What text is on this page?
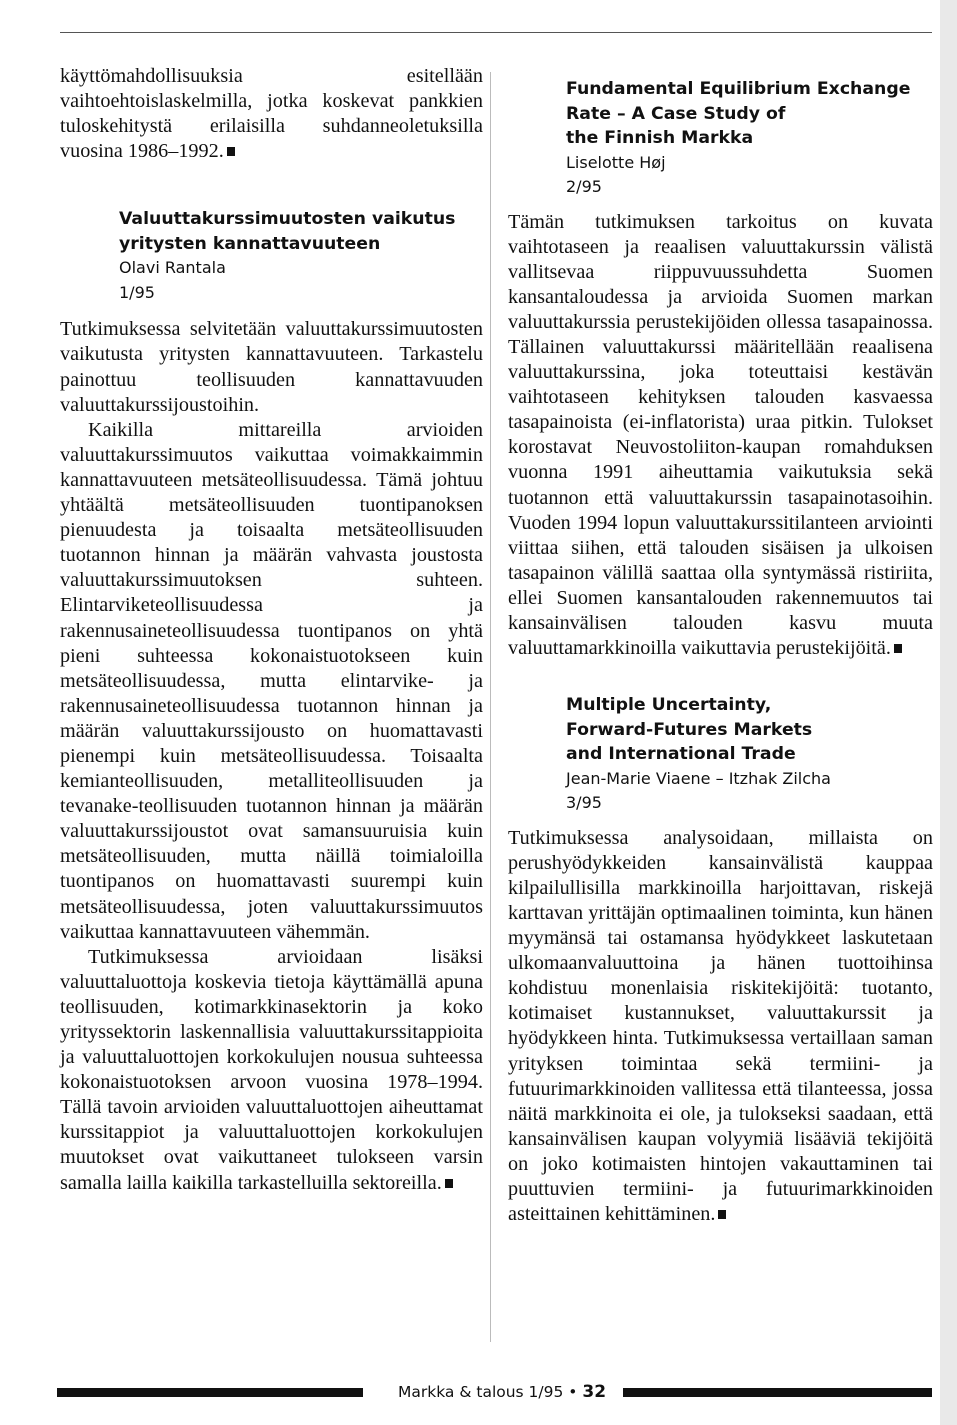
käyttömahdollisuuksia esitellään vaihtoehtoislaskelmilla, jotka koskevat pankkien tuloskehitystä erilaisilla suhdanneoletuksilla vuosina 1986–1992.

Valuuttakurssimuutosten vaikutus yritysten kannattavuuteen

Olavi Rantala

1/95

Tutkimuksessa selvitetään valuuttakurssimuutosten vaikutusta yritysten kannattavuuteen. Tarkastelu painottuu teollisuuden kannattavuuden valuuttakurssijoustoihin.

Kaikilla mittareilla arvioiden valuuttakurssimuutos vaikuttaa voimakkaimmin kannattavuuteen metsäteollisuudessa. Tämä johtuu yhtäältä metsäteollisuuden tuontipanoksen pienuudesta ja toisaalta metsäteollisuuden tuotannon hinnan ja määrän vahvasta joustosta valuuttakurssimuutoksen suhteen. Elintarviketeollisuudessa ja rakennusaineteollisuudessa tuontipanos on yhtä pieni suhteessa kokonaistuotokseen kuin metsäteollisuudessa, mutta elintarvike- ja rakennusaineteollisuudessa tuotannon hinnan ja määrän valuuttakurssijousto on huomattavasti pienempi kuin metsäteollisuudessa. Toisaalta kemianteollisuuden, metalliteollisuuden ja tevanake-teollisuuden tuotannon hinnan ja määrän valuuttakurssijoustot ovat samansuuruisia kuin metsäteollisuuden, mutta näillä toimialoilla tuontipanos on huomattavasti suurempi kuin metsäteollisuudessa, joten valuuttakurssimuutos vaikuttaa kannattavuuteen vähemmän.

Tutkimuksessa arvioidaan lisäksi valuuttaluottoja koskevia tietoja käyttämällä apuna teollisuuden, kotimarkkinasektorin ja koko yrityssektorin laskennallisia valuuttakurssitappioita ja valuuttaluottojen korkokulujen nousua suhteessa kokonaistuotoksen arvoon vuosina 1978–1994. Tällä tavoin arvioiden valuuttaluottojen aiheuttamat kurssitappiot ja valuuttaluottojen korkokulujen muutokset ovat vaikuttaneet tulokseen varsin samalla lailla kaikilla tarkastelluilla sektoreilla.

Fundamental Equilibrium Exchange

Rate – A Case Study of

the Finnish Markka

Liselotte Høj

2/95

Tämän tutkimuksen tarkoitus on kuvata vaihtotaseen ja reaalisen valuuttakurssin välistä vallitsevaa riippuvuussuhdetta Suomen kansantaloudessa ja arvioida Suomen markan valuuttakurssia perustekijöiden ollessa tasapainossa. Tällainen valuuttakurssi määritellään reaalisena valuuttakurssina, joka toteuttaisi kestävän vaihtotaseen kehityksen talouden kasvaessa tasapainoista (ei-inflatorista) uraa pitkin. Tulokset korostavat Neuvostoliiton-kaupan romahduksen vuonna 1991 aiheuttamia vaikutuksia sekä tuotannon että valuuttakurssin tasapainotasoihin. Vuoden 1994 lopun valuuttakurssitilanteen arviointi viittaa siihen, että talouden sisäisen ja ulkoisen tasapainon välillä saattaa olla syntymässä ristiriita, ellei Suomen kansantalouden rakennemuutos tai kansainvälisen talouden kasvu muuta valuuttamarkkinoilla vaikuttavia perustekijöitä.

Multiple Uncertainty,

Forward-Futures Markets

and International Trade

Jean-Marie Viaene – Itzhak Zilcha

3/95

Tutkimuksessa analysoidaan, millaista on perushyödykkeiden kansainvälistä kauppaa kilpailullisilla markkinoilla harjoittavan, riskejä karttavan yrittäjän optimaalinen toiminta, kun hänen myymänsä tai ostamansa hyödykkeet laskutetaan ulkomaanvaluuttoina ja hänen tuottoihinsa kohdistuu monenlaisia riskitekijöitä: tuotanto, kotimaiset kustannukset, valuuttakurssit ja hyödykkeen hinta. Tutkimuksessa vertaillaan saman yrityksen toimintaa sekä termiini- ja futuurimarkkinoiden vallitessa että tilanteessa, jossa näitä markkinoita ei ole, ja tulokseksi saadaan, että kansainvälisen kaupan volyymiä lisääviä tekijöitä on joko kotimaisten hintojen vakauttaminen tai puuttuvien termiini- ja futuurimarkkinoiden asteittainen kehittäminen.

Markka & talous 1/95 • 32
